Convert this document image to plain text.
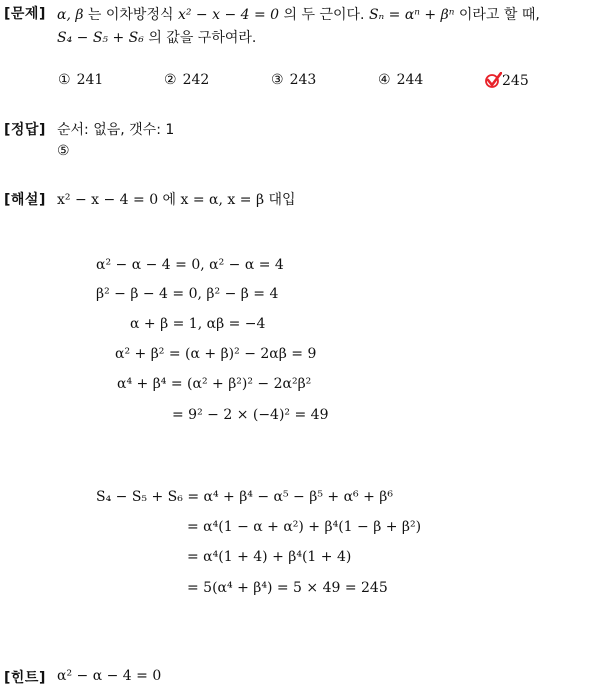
[문제] α, β 는 이차방정식 x² − x − 4 = 0 의 두 근이다. Sₙ = αⁿ + βⁿ 이라고 할 때,
S₄ − S₅ + S₆ 의 값을 구하여라.
① 241	② 242	③ 243	④ 244	245
[정답] 순서: 없음, 갯수: 1
⑤
[해설] x² − x − 4 = 0 에 x = α, x = β 대입
α² − α − 4 = 0, α² − α = 4
β² − β − 4 = 0, β² − β = 4
α + β = 1, αβ = −4
α² + β² = (α + β)² − 2αβ = 9
α⁴ + β⁴ = (α² + β²)² − 2α²β²
= 9² − 2 × (−4)² = 49
S₄ − S₅ + S₆ = α⁴ + β⁴ − α⁵ − β⁵ + α⁶ + β⁶
= α⁴(1 − α + α²) + β⁴(1 − β + β²)
= α⁴(1 + 4) + β⁴(1 + 4)
= 5(α⁴ + β⁴) = 5 × 49 = 245
[힌트] α² − α − 4 = 0
